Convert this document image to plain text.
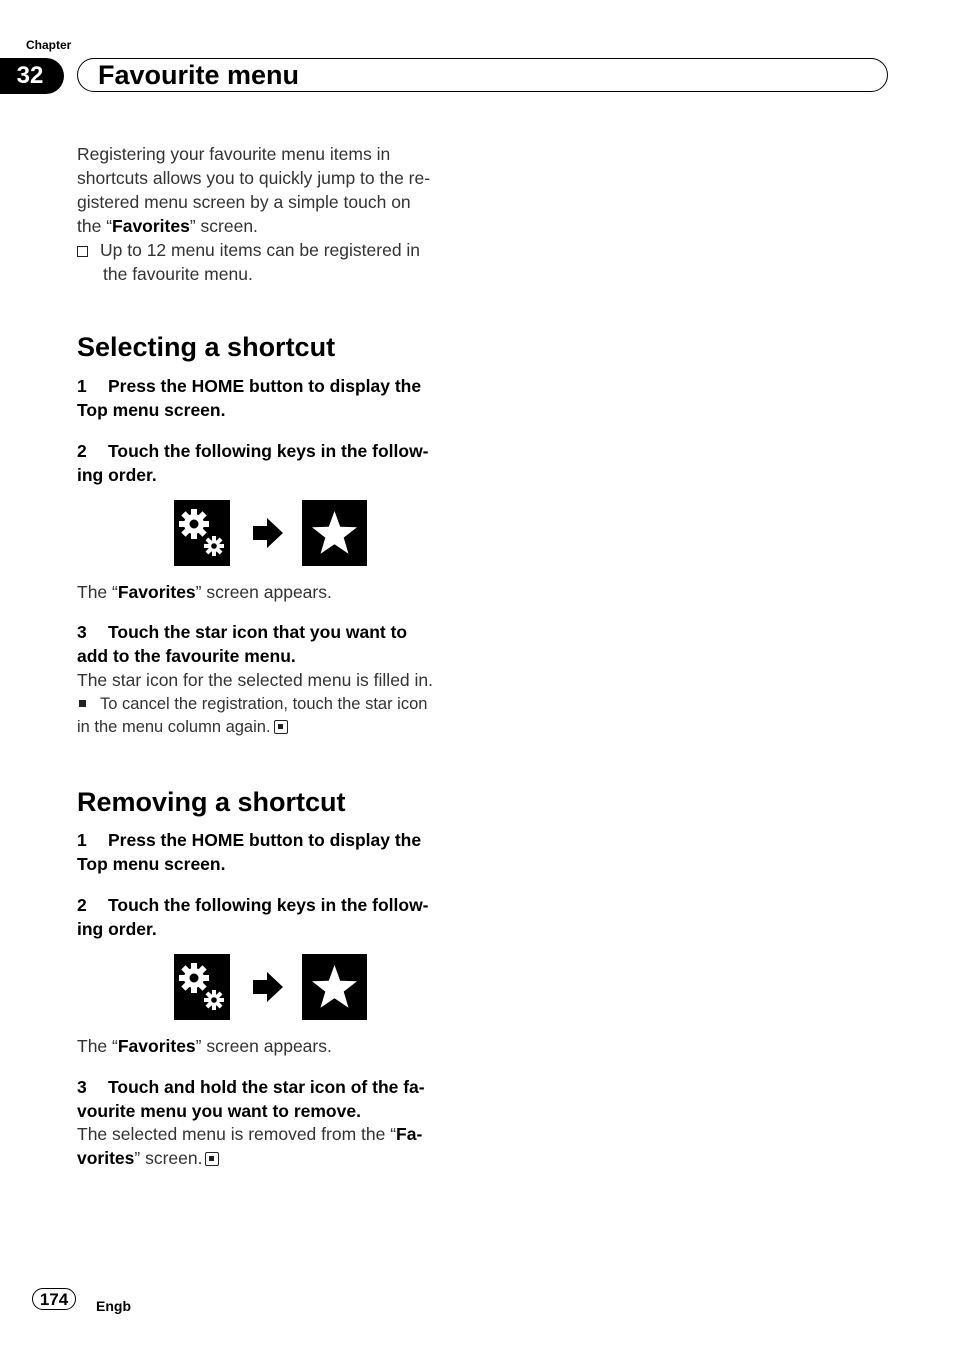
Chapter
32	Favourite menu
Registering your favourite menu items in
shortcuts allows you to quickly jump to the re-
gistered menu screen by a simple touch on
the “Favorites” screen.
Up to 12 menu items can be registered in
the favourite menu.
Selecting a shortcut
1 Press the HOME button to display the
Top menu screen.
2 Touch the following keys in the follow-
ing order.
The “Favorites” screen appears.
3 Touch the star icon that you want to
add to the favourite menu.
The star icon for the selected menu is filled in.
To cancel the registration, touch the star icon
in the menu column again.
Removing a shortcut
1 Press the HOME button to display the
Top menu screen.
2 Touch the following keys in the follow-
ing order.
The “Favorites” screen appears.
3 Touch and hold the star icon of the fa-
vourite menu you want to remove.
The selected menu is removed from the “Fa-
vorites” screen.
174	Engb
